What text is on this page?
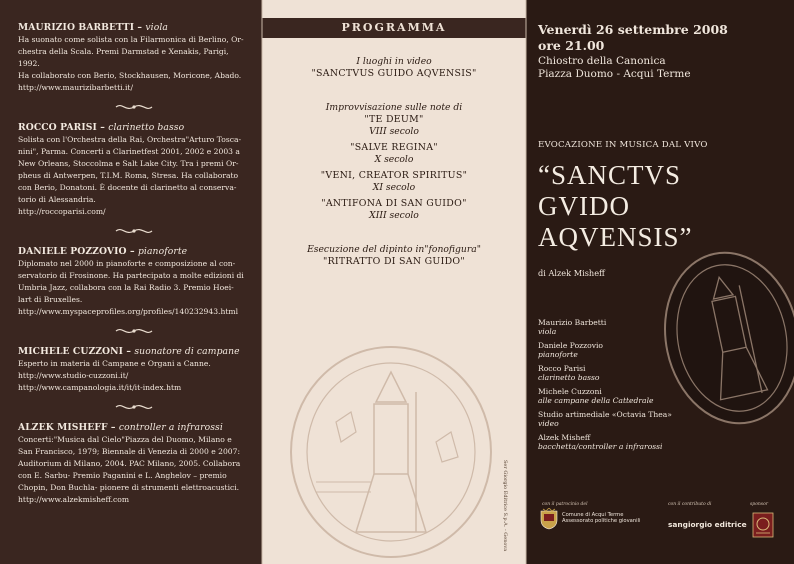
MAURIZIO BARBETTI – viola
Ha suonato come solista con la Filarmonica di Berlino, Or-
chestra della Scala. Premi Darmstad e Xenakis, Parigi, 1992.
Ha collaborato con Berio, Stockhausen, Moricone, Abado.
http://www.maurizibarbetti.it/
ROCCO PARISI – clarinetto basso
Solista con l'Orchestra della Rai, Orchestra"Arturo Tosca-
nini", Parma. Concerti a Clarinetfest 2001, 2002 e 2003 a
New Orleans, Stoccolma e Salt Lake City. Tra i premi Or-
pheus di Antwerpen, T.I.M. Roma, Stresa. Ha collaborato
con Berio, Donatoni. È docente di clarinetto al conserva-
torio di Alessandria.
http://roccoparisi.com/
DANIELE POZZOVIO – pianoforte
Diplomato nel 2000 in pianoforte e composizione al con-
servatorio di Frosinone. Ha partecipato a molte edizioni di
Umbria Jazz, collabora con la Rai Radio 3. Premio Hoei-
lart di Bruxelles.
http://www.myspaceprofiles.org/profiles/140232943.html
MICHELE CUZZONI – suonatore di campane
Esperto in materia di Campane e Organi a Canne.
http://www.studio-cuzzoni.it/
http://www.campanologia.it/it/it-index.htm
ALZEK MISHEFF – controller a infrarossi
Concerti:"Musica dal Cielo"Piazza del Duomo, Milano e
San Francisco, 1979; Biennale di Venezia di 2000 e 2007:
Auditorium di Milano, 2004. PAC Milano, 2005. Collabora
con E. Sarbu- Premio Paganini e L. Anghelov – premio
Chopin, Don Buchla- pionere di strumenti elettroacustici.
http://www.alzekmisheff.com
PROGRAMMA
I luoghi in video
"SANCTVUS GUIDO AQVENSIS"
Improvvisazione sulle note di
"TE DEUM"
VIII secolo
"SALVE REGINA"
X secolo
"VENI, CREATOR SPIRITUS"
XI secolo
"ANTIFONA DI SAN GUIDO"
XIII secolo
Esecuzione del dipinto in"fonofigura"
"RITRATTO DI SAN GUIDO"
Ser Giorgio Editrice S.p.A. - Genova
Venerdì 26 settembre 2008
ore 21.00
Chiostro della Canonica
Piazza Duomo - Acqui Terme
EVOCAZIONE IN MUSICA DAL VIVO
“SANCTVS
GVIDO
AQVENSIS”
di Alzek Misheff
Maurizio Barbetti
viola
Daniele Pozzovio
pianoforte
Rocco Parisi
clarinetto basso
Michele Cuzzoni
alle campane della Cattedrale
Studio artimediale «Octavia Thea»
video
Alzek Misheff
bacchetta/controller a infrarossi
con il patrocinio del
Comune di Acqui Terme
Assessorato politiche giovanili
con il contributo di
sangiorgio editrice
sponsor
